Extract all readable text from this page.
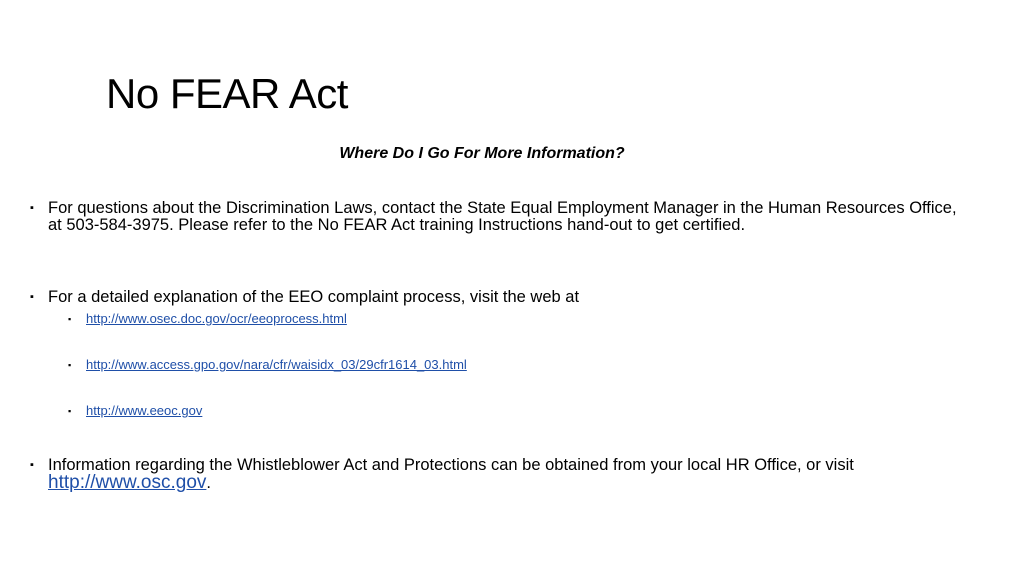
No FEAR Act

Where Do I Go For More Information?

▪ For questions about the Discrimination Laws, contact the State Equal Employment Manager in the Human Resources Office, at 503-584-3975. Please refer to the No FEAR Act training Instructions hand-out to get certified.
▪ For a detailed explanation of the EEO complaint process, visit the web at
▪ http://www.osec.doc.gov/ocr/eeoprocess.html
▪ http://www.access.gpo.gov/nara/cfr/waisidx_03/29cfr1614_03.html
▪ http://www.eeoc.gov
▪ Information regarding the Whistleblower Act and Protections can be obtained from your local HR Office, or visit http://www.osc.gov.
